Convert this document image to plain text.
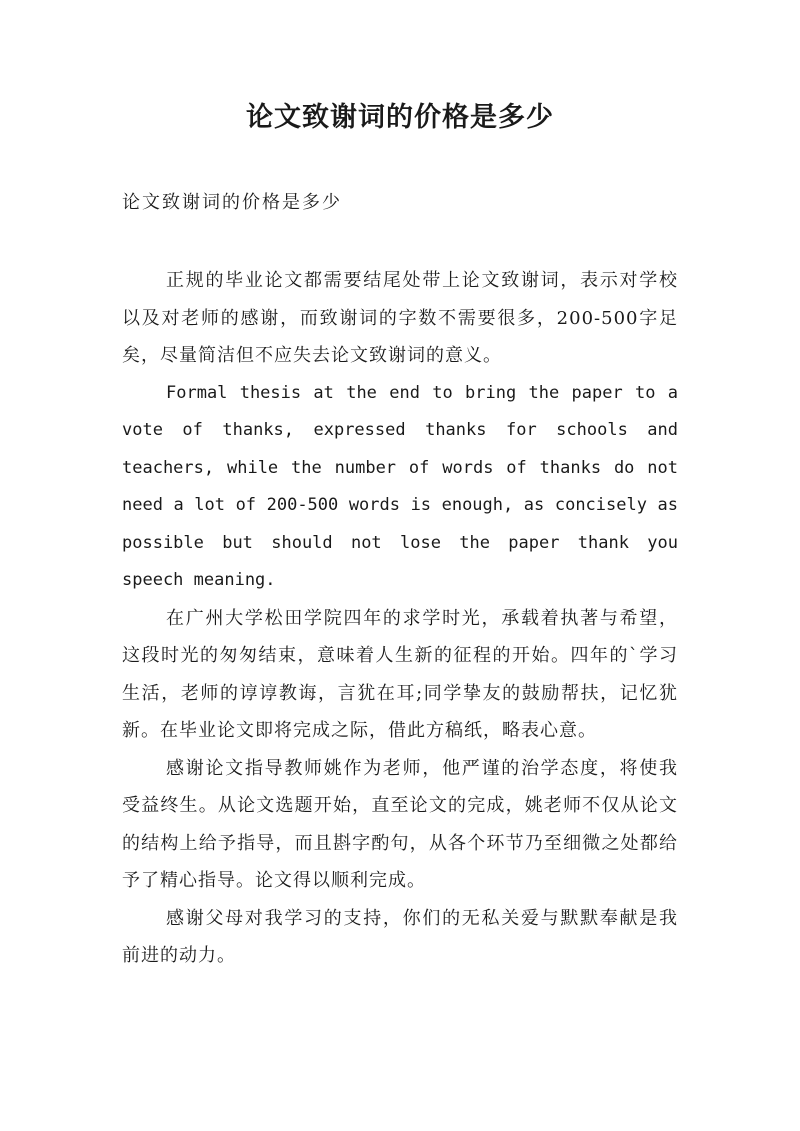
论文致谢词的价格是多少

论文致谢词的价格是多少

正规的毕业论文都需要结尾处带上论文致谢词，表示对学校以及对老师的感谢，而致谢词的字数不需要很多，200-500字足矣，尽量简洁但不应失去论文致谢词的意义。

Formal thesis at the end to bring the paper to a vote of thanks, expressed thanks for schools and teachers, while the number of words of thanks do not need a lot of 200-500 words is enough, as concisely as possible but should not lose the paper thank you speech meaning.

在广州大学松田学院四年的求学时光，承载着执著与希望，这段时光的匆匆结束，意味着人生新的征程的开始。四年的`学习生活，老师的谆谆教诲，言犹在耳;同学挚友的鼓励帮扶，记忆犹新。在毕业论文即将完成之际，借此方稿纸，略表心意。

感谢论文指导教师姚作为老师，他严谨的治学态度，将使我受益终生。从论文选题开始，直至论文的完成，姚老师不仅从论文的结构上给予指导，而且斟字酌句，从各个环节乃至细微之处都给予了精心指导。论文得以顺利完成。

感谢父母对我学习的支持，你们的无私关爱与默默奉献是我前进的动力。
